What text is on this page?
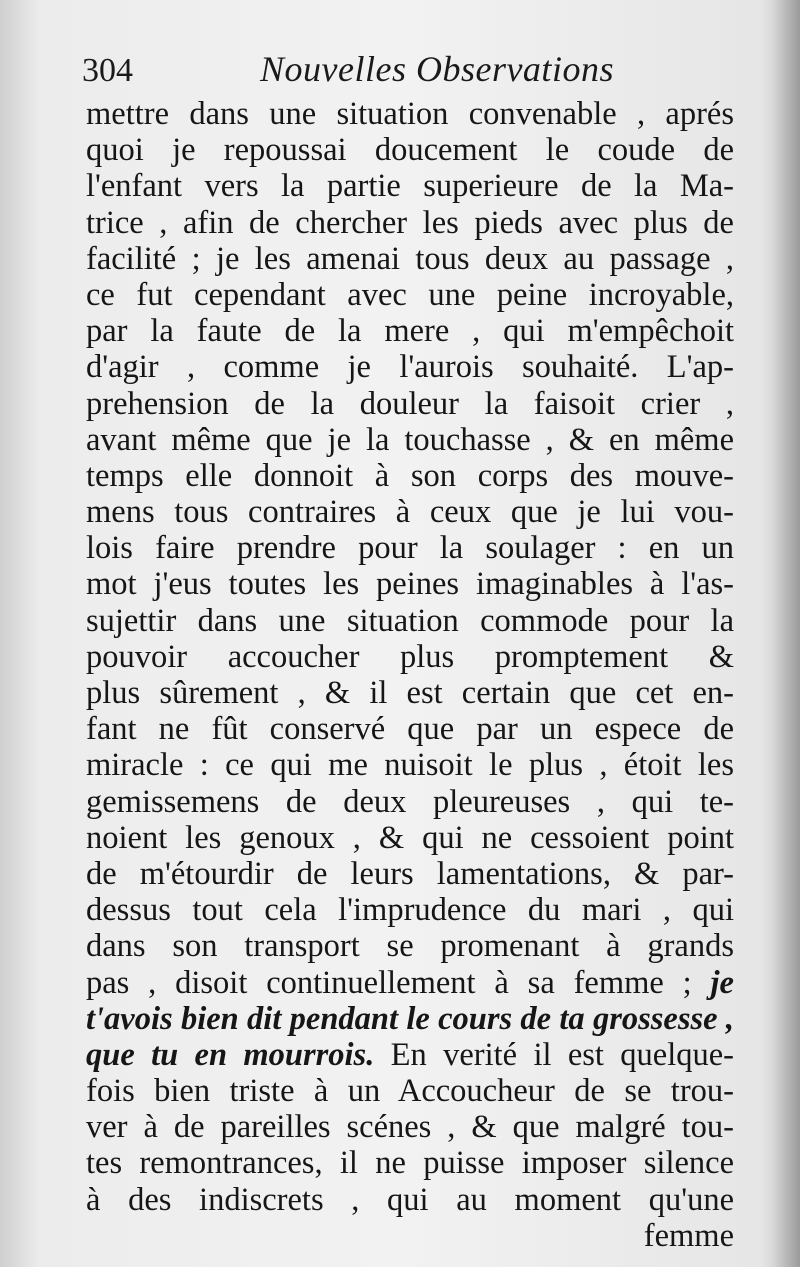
304	Nouvelles Observations
mettre dans une situation convenable , aprés
quoi je repoussai doucement le coude de
l'enfant vers la partie superieure de la Ma-
trice , afin de chercher les pieds avec plus de
facilité ; je les amenai tous deux au passage ,
ce fut cependant avec une peine incroyable,
par la faute de la mere , qui m'empêchoit
d'agir , comme je l'aurois souhaité. L'ap-
prehension de la douleur la faisoit crier ,
avant même que je la touchasse , & en même
temps elle donnoit à son corps des mouve-
mens tous contraires à ceux que je lui vou-
lois faire prendre pour la soulager : en un
mot j'eus toutes les peines imaginables à l'as-
sujettir dans une situation commode pour la
pouvoir accoucher plus promptement &
plus sûrement , & il est certain que cet en-
fant ne fût conservé que par un espece de
miracle : ce qui me nuisoit le plus , étoit les
gemissemens de deux pleureuses , qui te-
noient les genoux , & qui ne cessoient point
de m'étourdir de leurs lamentations, & par-
dessus tout cela l'imprudence du mari , qui
dans son transport se promenant à grands
pas , disoit continuellement à sa femme ; je
t'avois bien dit pendant le cours de ta grossesse ,
que tu en mourrois. En verité il est quelque-
fois bien triste à un Accoucheur de se trou-
ver à de pareilles scénes , & que malgré tou-
tes remontrances, il ne puisse imposer silence
à des indiscrets , qui au moment qu'une
femme
